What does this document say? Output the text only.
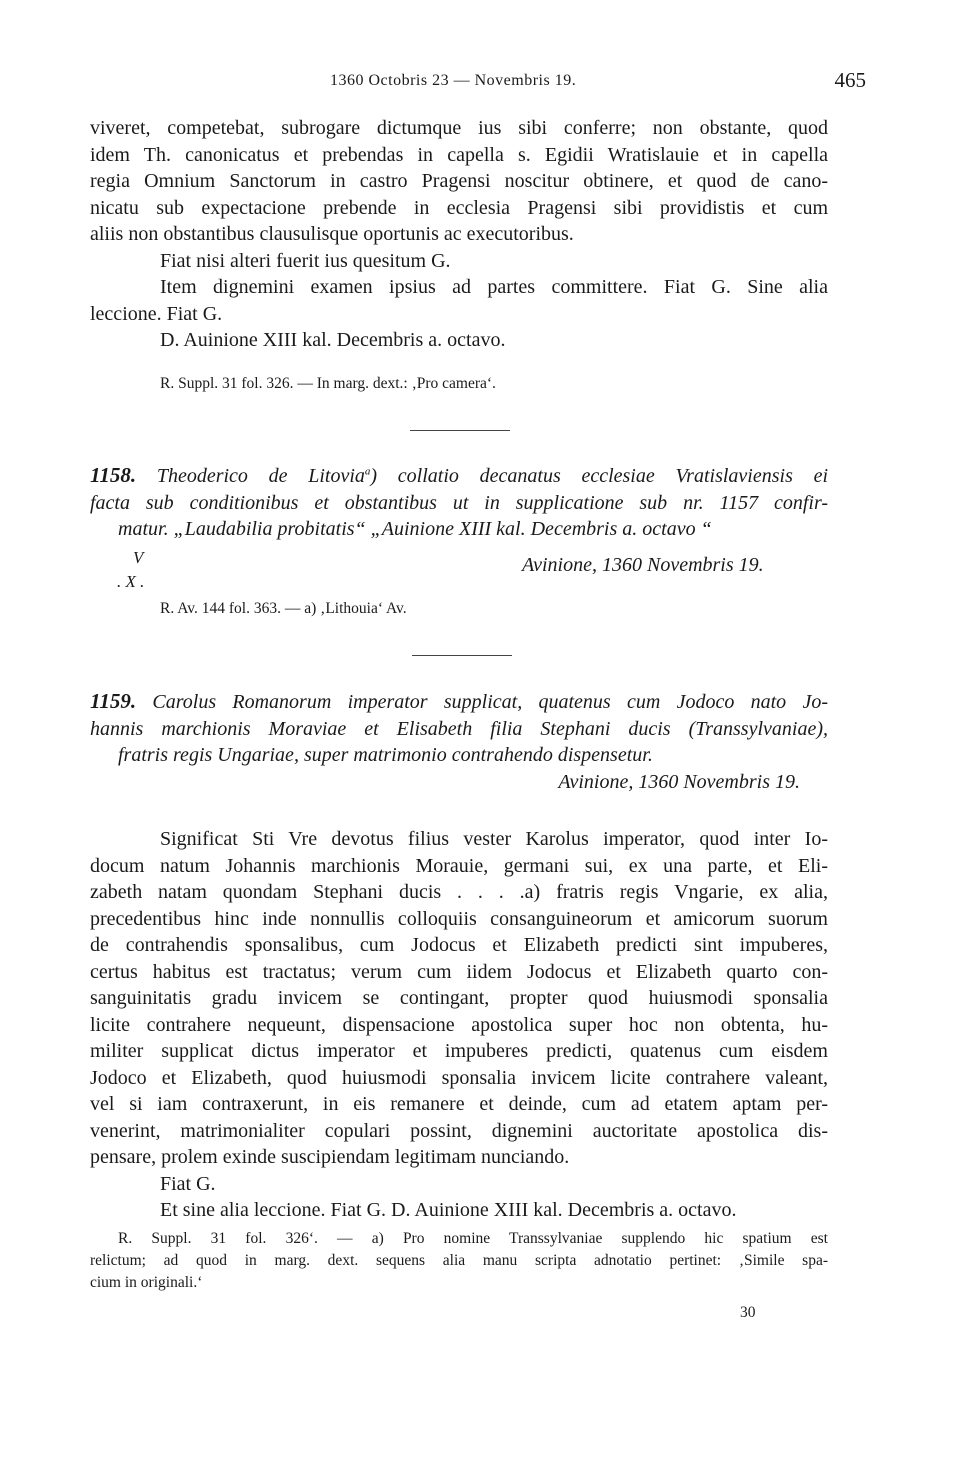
1360 Octobris 23 — Novembris 19.	465
viveret, competebat, subrogare dictumque ius sibi conferre; non obstante, quod
idem Th. canonicatus et prebendas in capella s. Egidii Wratislauie et in capella
regia Omnium Sanctorum in castro Pragensi noscitur obtinere, et quod de cano-
nicatu sub expectacione prebende in ecclesia Pragensi sibi providistis et cum
aliis non obstantibus clausulisque oportunis ac executoribus.
Fiat nisi alteri fuerit ius quesitum G.
Item dignemini examen ipsius ad partes committere. Fiat G. Sine alia
leccione. Fiat G.
D. Auinione XIII kal. Decembris a. octavo.
R. Suppl. 31 fol. 326. — In marg. dext.: ‚Pro camera‘.
1158. Theoderico de Litovia$^a$) collatio decanatus ecclesiae Vratislaviensis ei
facta sub conditionibus et obstantibus ut in supplicatione sub nr. 1157 confir-
matur. „Laudabilia probitatis“ „Auinione XIII kal. Decembris a. octavo “
V
. X .
Avinione, 1360 Novembris 19.
R. Av. 144 fol. 363. — a) ‚Lithouia‘ Av.
1159. Carolus Romanorum imperator supplicat, quatenus cum Jodoco nato Jo-
hannis marchionis Moraviae et Elisabeth filia Stephani ducis (Transsylvaniae),
fratris regis Ungariae, super matrimonio contrahendo dispensetur.
Avinione, 1360 Novembris 19.
Significat Sti Vre devotus filius vester Karolus imperator, quod inter Io-
docum natum Johannis marchionis Morauie, germani sui, ex una parte, et Eli-
zabeth natam quondam Stephani ducis . . . .a) fratris regis Vngarie, ex alia,
precedentibus hinc inde nonnullis colloquiis consanguineorum et amicorum suorum
de contrahendis sponsalibus, cum Jodocus et Elizabeth predicti sint impuberes,
certus habitus est tractatus; verum cum iidem Jodocus et Elizabeth quarto con-
sanguinitatis gradu invicem se contingant, propter quod huiusmodi sponsalia
licite contrahere nequeunt, dispensacione apostolica super hoc non obtenta, hu-
militer supplicat dictus imperator et impuberes predicti, quatenus cum eisdem
Jodoco et Elizabeth, quod huiusmodi sponsalia invicem licite contrahere valeant,
vel si iam contraxerunt, in eis remanere et deinde, cum ad etatem aptam per-
venerint, matrimonialiter copulari possint, dignemini auctoritate apostolica dis-
pensare, prolem exinde suscipiendam legitimam nunciando.
Fiat G.
Et sine alia leccione. Fiat G. D. Auinione XIII kal. Decembris a. octavo.
R. Suppl. 31 fol. 326‘. — a) Pro nomine Transsylvaniae supplendo hic spatium est
relictum; ad quod in marg. dext. sequens alia manu scripta adnotatio pertinet: ‚Simile spa-
cium in originali.‘
30
